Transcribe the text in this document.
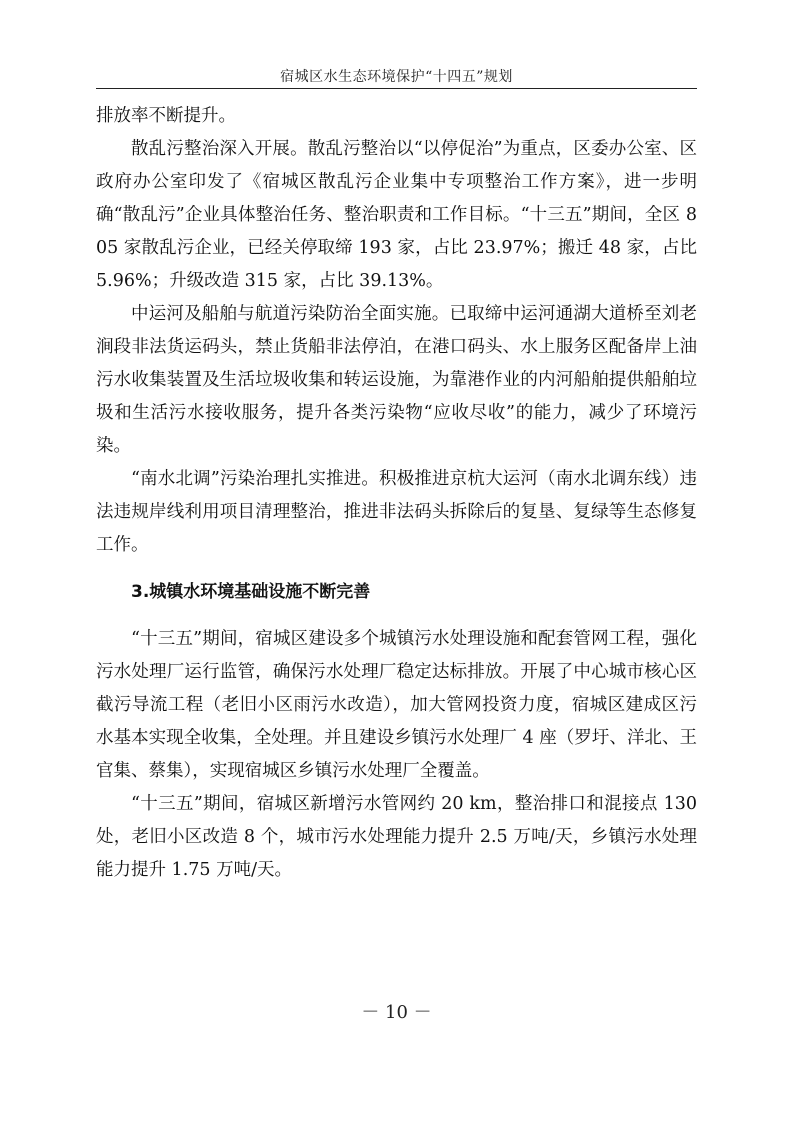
宿城区水生态环境保护“十四五”规划

排放率不断提升。

散乱污整治深入开展。散乱污整治以“以停促治”为重点，区委办公室、区政府办公室印发了《宿城区散乱污企业集中专项整治工作方案》，进一步明确“散乱污”企业具体整治任务、整治职责和工作目标。“十三五”期间，全区 805 家散乱污企业，已经关停取缔 193 家，占比 23.97%；搬迁 48 家，占比 5.96%；升级改造 315 家，占比 39.13%。

中运河及船舶与航道污染防治全面实施。已取缔中运河通湖大道桥至刘老涧段非法货运码头，禁止货船非法停泊，在港口码头、水上服务区配备岸上油污水收集装置及生活垃圾收集和转运设施，为靠港作业的内河船舶提供船舶垃圾和生活污水接收服务，提升各类污染物“应收尽收”的能力，减少了环境污染。

“南水北调”污染治理扎实推进。积极推进京杭大运河（南水北调东线）违法违规岸线利用项目清理整治，推进非法码头拆除后的复垦、复绿等生态修复工作。

3.城镇水环境基础设施不断完善

“十三五”期间，宿城区建设多个城镇污水处理设施和配套管网工程，强化污水处理厂运行监管，确保污水处理厂稳定达标排放。开展了中心城市核心区截污导流工程（老旧小区雨污水改造），加大管网投资力度，宿城区建成区污水基本实现全收集，全处理。并且建设乡镇污水处理厂 4 座（罗圩、洋北、王官集、蔡集），实现宿城区乡镇污水处理厂全覆盖。

“十三五”期间，宿城区新增污水管网约 20 km，整治排口和混接点 130 处，老旧小区改造 8 个，城市污水处理能力提升 2.5 万吨/天，乡镇污水处理能力提升 1.75 万吨/天。

－ 10 －
